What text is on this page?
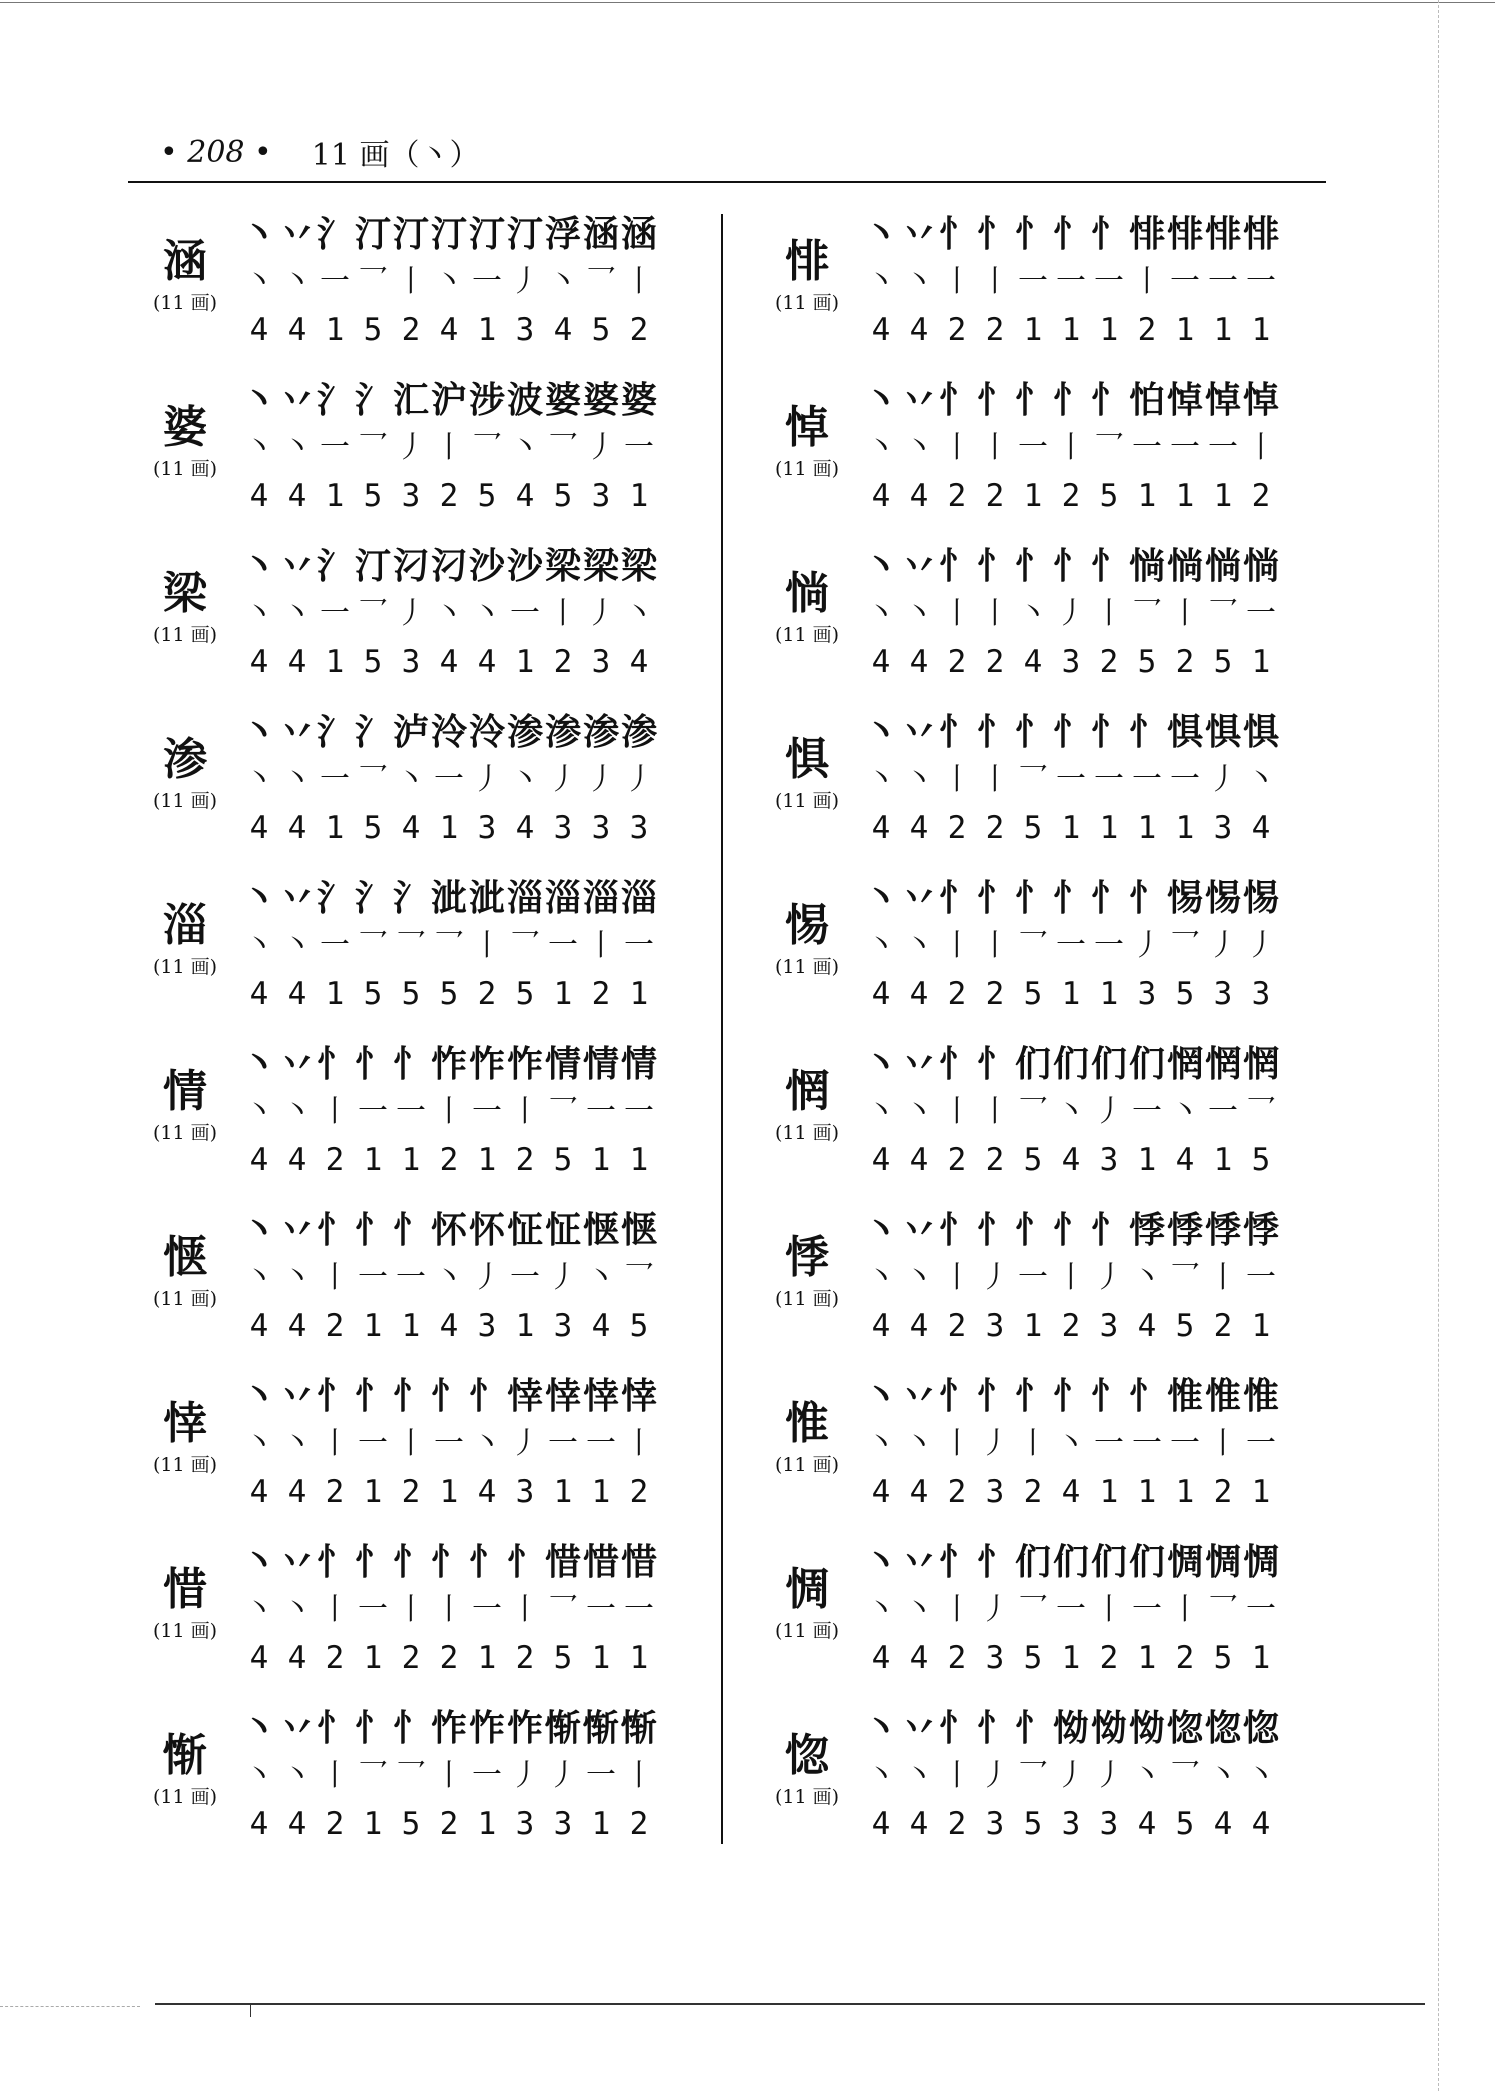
• 208 • 11 画（丶）
涵
(11 画)
丶 丷 氵 汀 汀 汀 汀 汀 浮 涵 涵
丶 丶 一 乛 丨 丶 一 丿 丶 乛 丨
4 4 1 5 2 4 1 3 4 5 2
婆
(11 画)
丶 丷 氵 氵 汇 沪 涉 波 婆 婆 婆
丶 丶 一 乛 丿 丨 乛 丶 乛 丿 一
4 4 1 5 3 2 5 4 5 3 1
梁
(11 画)
丶 丷 氵 汀 汈 汈 沙 沙 梁 梁 梁
丶 丶 一 乛 丿 丶 丶 一 丨 丿 丶
4 4 1 5 3 4 4 1 2 3 4
渗
(11 画)
丶 丷 氵 氵 泸 泠 泠 渗 渗 渗 渗
丶 丶 一 乛 丶 一 丿 丶 丿 丿 丿
4 4 1 5 4 1 3 4 3 3 3
淄
(11 画)
丶 丷 氵 氵 氵 泚 泚 淄 淄 淄 淄
丶 丶 一 乛 乛 乛 丨 乛 一 丨 一
4 4 1 5 5 5 2 5 1 2 1
情
(11 画)
丶 丷 忄 忄 忄 怍 怍 怍 情 情 情
丶 丶 丨 一 一 丨 一 丨 乛 一 一
4 4 2 1 1 2 1 2 5 1 1
惬
(11 画)
丶 丷 忄 忄 忄 怀 怀 怔 怔 惬 惬
丶 丶 丨 一 一 丶 丿 一 丿 丶 乛
4 4 2 1 1 4 3 1 3 4 5
悻
(11 画)
丶 丷 忄 忄 忄 忄 忄 悻 悻 悻 悻
丶 丶 丨 一 丨 一 丶 丿 一 一 丨
4 4 2 1 2 1 4 3 1 1 2
惜
(11 画)
丶 丷 忄 忄 忄 忄 忄 忄 惜 惜 惜
丶 丶 丨 一 丨 丨 一 丨 乛 一 一
4 4 2 1 2 2 1 2 5 1 1
惭
(11 画)
丶 丷 忄 忄 忄 怍 怍 怍 惭 惭 惭
丶 丶 丨 乛 乛 丨 一 丿 丿 一 丨
4 4 2 1 5 2 1 3 3 1 2
悱
(11 画)
丶 丷 忄 忄 忄 忄 忄 悱 悱 悱 悱
丶 丶 丨 丨 一 一 一 丨 一 一 一
4 4 2 2 1 1 1 2 1 1 1
悼
(11 画)
丶 丷 忄 忄 忄 忄 忄 怕 悼 悼 悼
丶 丶 丨 丨 一 丨 乛 一 一 一 丨
4 4 2 2 1 2 5 1 1 1 2
惝
(11 画)
丶 丷 忄 忄 忄 忄 忄 惝 惝 惝 惝
丶 丶 丨 丨 丶 丿 丨 乛 丨 乛 一
4 4 2 2 4 3 2 5 2 5 1
惧
(11 画)
丶 丷 忄 忄 忄 忄 忄 忄 惧 惧 惧
丶 丶 丨 丨 乛 一 一 一 一 丿 丶
4 4 2 2 5 1 1 1 1 3 4
惕
(11 画)
丶 丷 忄 忄 忄 忄 忄 忄 惕 惕 惕
丶 丶 丨 丨 乛 一 一 丿 乛 丿 丿
4 4 2 2 5 1 1 3 5 3 3
惘
(11 画)
丶 丷 忄 忄 们 们 们 们 惘 惘 惘
丶 丶 丨 丨 乛 丶 丿 一 丶 一 乛
4 4 2 2 5 4 3 1 4 1 5
悸
(11 画)
丶 丷 忄 忄 忄 忄 忄 悸 悸 悸 悸
丶 丶 丨 丿 一 丨 丿 丶 乛 丨 一
4 4 2 3 1 2 3 4 5 2 1
惟
(11 画)
丶 丷 忄 忄 忄 忄 忄 忄 惟 惟 惟
丶 丶 丨 丿 丨 丶 一 一 一 丨 一
4 4 2 3 2 4 1 1 1 2 1
惆
(11 画)
丶 丷 忄 忄 们 们 们 们 惆 惆 惆
丶 丶 丨 丿 乛 一 丨 一 丨 乛 一
4 4 2 3 5 1 2 1 2 5 1
惚
(11 画)
丶 丷 忄 忄 忄 怮 怮 怮 惚 惚 惚
丶 丶 丨 丿 乛 丿 丿 丶 乛 丶 丶
4 4 2 3 5 3 3 4 5 4 4
